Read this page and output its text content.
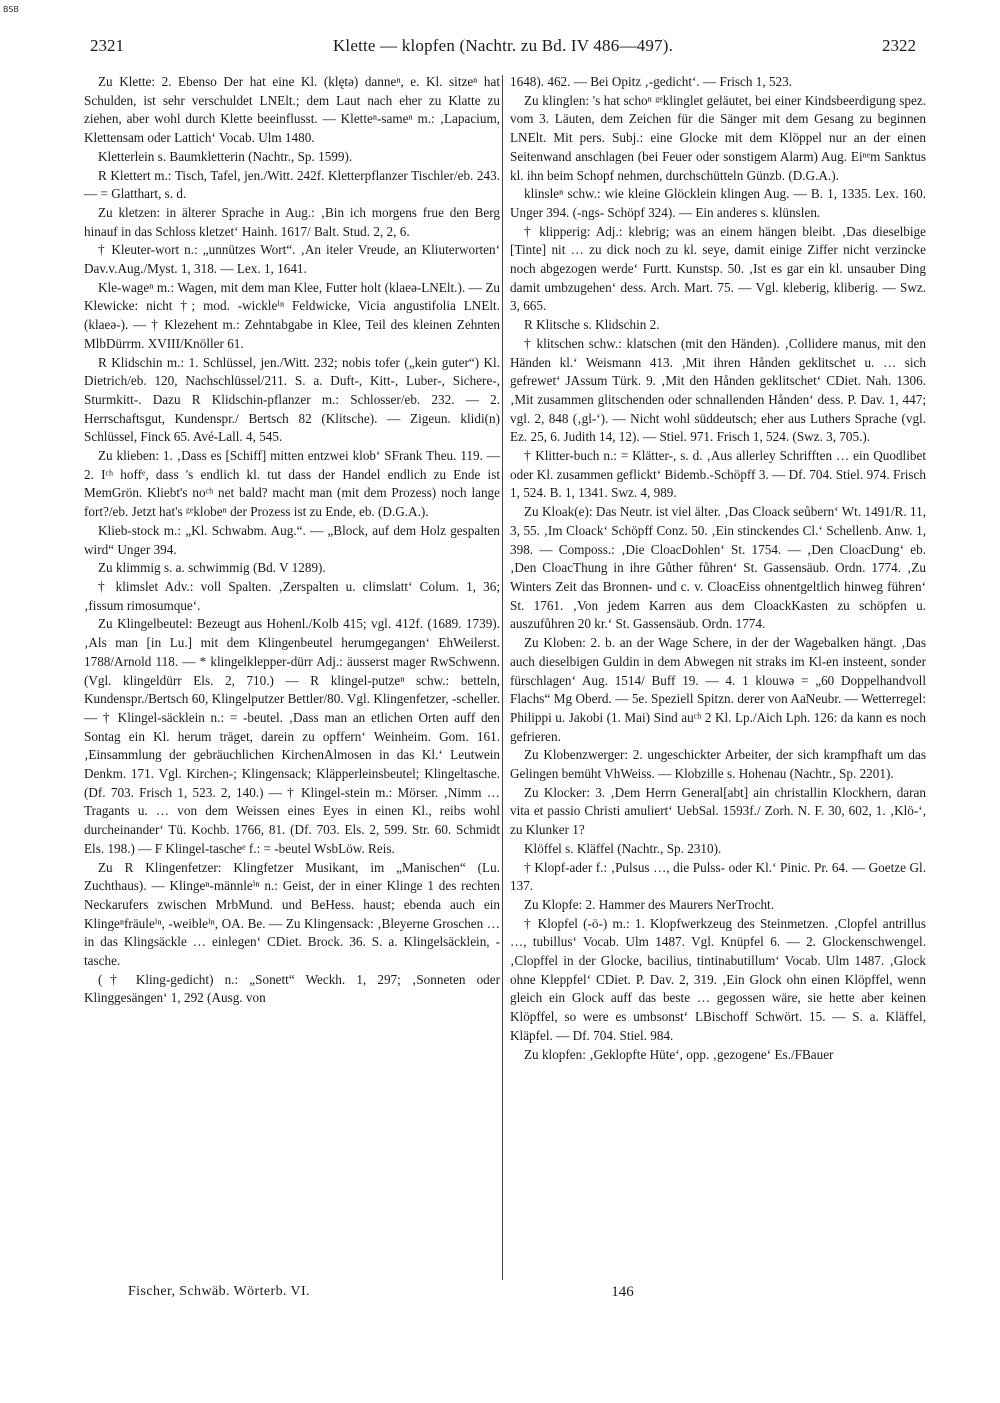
BSB
2321	Klette — klopfen (Nachtr. zu Bd. IV 486—497).	2322

Zu Klette: 2. Ebenso Der hat eine Kl. (klętə) danneⁿ, e. Kl. sitzeⁿ hat Schulden, ist sehr verschuldet LNElt.; dem Laut nach eher zu Klatte zu ziehen, aber wohl durch Klette beeinflusst. — Kletteⁿ-sameⁿ m.: ‚Lapacium, Klettensam oder Lattich‘ Vocab. Ulm 1480.

Kletterlein s. Baumkletterin (Nachtr., Sp. 1599).

R Klettert m.: Tisch, Tafel, jen./Witt. 242f. Kletterpflanzer Tischler/eb. 243. — = Glatthart, s. d.

Zu kletzen: in älterer Sprache in Aug.: ‚Bin ich morgens frue den Berg hinauf in das Schloss kletzet‘ Hainh. 1617/ Balt. Stud. 2, 2, 6.

† Kleuter-wort n.: „unnützes Wort“. ‚An iteler Vreude, an Kliuterworten‘ Dav.v.Aug./Myst. 1, 318. — Lex. 1, 1641.

Kle-wageⁿ m.: Wagen, mit dem man Klee, Futter holt (klaeə-LNElt.). — Zu Klewicke: nicht †; mod. -wickleⁱⁿ Feldwicke, Vicia angustifolia LNElt. (klaeə-). — † Klezehent m.: Zehntabgabe in Klee, Teil des kleinen Zehnten MlbDürrm. XVIII/Knöller 61.

R Klidschin m.: 1. Schlüssel, jen./Witt. 232; nobis tofer („kein guter“) Kl. Dietrich/eb. 120, Nachschlüssel/211. S. a. Duft-, Kitt-, Luber-, Sichere-, Sturmkitt-. Dazu R Klidschin-pflanzer m.: Schlosser/eb. 232. — 2. Herrschaftsgut, Kundenspr./ Bertsch 82 (Klitsche). — Zigeun. klidi(n) Schlüssel, Finck 65. Avé-Lall. 4, 545.

Zu klieben: 1. ‚Dass es [Schiff] mitten entzwei klob‘ SFrank Theu. 119. — 2. Iᶜʰ hoffᵉ, dass 's endlich kl. tut dass der Handel endlich zu Ende ist MemGrön. Kliebt's noᶜʰ net bald? macht man (mit dem Prozess) noch lange fort?/eb. Jetzt hat's ᵍᵉklobeⁿ der Prozess ist zu Ende, eb. (D.G.A.).

Klieb-stock m.: „Kl. Schwabm. Aug.“. — „Block, auf dem Holz gespalten wird“ Unger 394.

Zu klimmig s. a. schwimmig (Bd. V 1289).

† klimslet Adv.: voll Spalten. ‚Zerspalten u. climslatt‘ Colum. 1, 36; ‚fissum rimosumque‘.

Zu Klingelbeutel: Bezeugt aus Hohenl./Kolb 415; vgl. 412f. (1689. 1739). ‚Als man [in Lu.] mit dem Klingenbeutel herumgegangen‘ EhWeilerst. 1788/Arnold 118. — * klingelklepper-dürr Adj.: äusserst mager RwSchwenn. (Vgl. klingeldürr Els. 2, 710.) — R klingel-putzeⁿ schw.: betteln, Kundenspr./Bertsch 60, Klingelputzer Bettler/80. Vgl. Klingenfetzer, -scheller. — † Klingel-säcklein n.: = -beutel. ‚Dass man an etlichen Orten auff den Sontag ein Kl. herum träget, darein zu opffern‘ Weinheim. Gom. 161. ‚Einsammlung der gebräuchlichen KirchenAlmosen in das Kl.‘ Leutwein Denkm. 171. Vgl. Kirchen-; Klingensack; Kläpperleinsbeutel; Klingeltasche. (Df. 703. Frisch 1, 523. 2, 140.) — † Klingel-stein m.: Mörser. ‚Nimm … Tragants u. … von dem Weissen eines Eyes in einen Kl., reibs wohl durcheinander‘ Tü. Kochb. 1766, 81. (Df. 703. Els. 2, 599. Str. 60. Schmidt Els. 198.) — F Klingel-tascheᵉ f.: = -beutel WsbLöw. Reis.

Zu R Klingenfetzer: Klingfetzer Musikant, im „Manischen“ (Lu. Zuchthaus). — Klingeⁿ-männleⁱⁿ n.: Geist, der in einer Klinge 1 des rechten Neckarufers zwischen MrbMund. und BeHess. haust; ebenda auch ein Klingeⁿfräuleⁱⁿ, -weibleⁱⁿ, OA. Be. — Zu Klingensack: ‚Bleyerne Groschen … in das Klingsäckle … einlegen‘ CDiet. Brock. 36. S. a. Klingelsäcklein, -tasche.

(† Kling-gedicht) n.: „Sonett“ Weckh. 1, 297; ‚Sonneten oder Klinggesängen‘ 1, 292 (Ausg. von

1648). 462. — Bei Opitz ‚-gedicht‘. — Frisch 1, 523.

Zu klinglen: 's hat schoⁿ ᵍᵉklinglet geläutet, bei einer Kindsbeerdigung spez. vom 3. Läuten, dem Zeichen für die Sänger mit dem Gesang zu beginnen LNElt. Mit pers. Subj.: eine Glocke mit dem Klöppel nur an der einen Seitenwand anschlagen (bei Feuer oder sonstigem Alarm) Aug. Eiⁿᵉm Sanktus kl. ihn beim Schopf nehmen, durchschütteln Günzb. (D.G.A.).

klinsleⁿ schw.: wie kleine Glöcklein klingen Aug. — B. 1, 1335. Lex. 160. Unger 394. (-ngs- Schöpf 324). — Ein anderes s. klünslen.

† klipperig: Adj.: klebrig; was an einem hängen bleibt. ‚Das dieselbige [Tinte] nit … zu dick noch zu kl. seye, damit einige Ziffer nicht verzincke noch abgezogen werde‘ Furtt. Kunstsp. 50. ‚Ist es gar ein kl. unsauber Ding damit umbzugehen‘ dess. Arch. Mart. 75. — Vgl. kleberig, kliberig. — Swz. 3, 665.

R Klitsche s. Klidschin 2.

† klitschen schw.: klatschen (mit den Händen). ‚Collidere manus, mit den Händen kl.‘ Weismann 413. ‚Mit ihren Hånden geklitschet u. … sich gefrewet‘ JAssum Türk. 9. ‚Mit den Hånden geklitschet‘ CDiet. Nah. 1306. ‚Mit zusammen glitschenden oder schnallenden Hånden‘ dess. P. Dav. 1, 447; vgl. 2, 848 (‚gl-‘). — Nicht wohl süddeutsch; eher aus Luthers Sprache (vgl. Ez. 25, 6. Judith 14, 12). — Stiel. 971. Frisch 1, 524. (Swz. 3, 705.).

† Klitter-buch n.: = Klätter-, s. d. ‚Aus allerley Schrifften … ein Quodlibet oder Kl. zusammen geflickt‘ Bidemb.-Schöpff 3. — Df. 704. Stiel. 974. Frisch 1, 524. B. 1, 1341. Swz. 4, 989.

Zu Kloak(e): Das Neutr. ist viel älter. ‚Das Cloack seůbern‘ Wt. 1491/R. 11, 3, 55. ‚Im Cloack‘ Schöpff Conz. 50. ‚Ein stinckendes Cl.‘ Schellenb. Anw. 1, 398. — Composs.: ‚Die CloacDohlen‘ St. 1754. — ‚Den CloacDung‘ eb. ‚Den CloacThung in ihre Gůther fůhren‘ St. Gassensäub. Ordn. 1774. ‚Zu Winters Zeit das Bronnen- und c. v. CloacEiss ohnentgeltlich hinweg führen‘ St. 1761. ‚Von jedem Karren aus dem CloackKasten zu schöpfen u. auszufůhren 20 kr.‘ St. Gassensäub. Ordn. 1774.

Zu Kloben: 2. b. an der Wage Schere, in der der Wagebalken hängt. ‚Das auch dieselbigen Guldin in dem Abwegen nit straks im Kl-en insteent, sonder fürschlagen‘ Aug. 1514/ Buff 19. — 4. 1 klouwə = „60 Doppelhandvoll Flachs“ Mg Oberd. — 5e. Speziell Spitzn. derer von AaNeubr. — Wetterregel: Philippi u. Jakobi (1. Mai) Sind auᶜʰ 2 Kl. Lp./Aich Lph. 126: da kann es noch gefrieren.

Zu Klobenzwerger: 2. ungeschickter Arbeiter, der sich krampfhaft um das Gelingen bemüht VhWeiss. — Klobzille s. Hohenau (Nachtr., Sp. 2201).

Zu Klocker: 3. ‚Dem Herrn General[abt] ain christallin Klockhern, daran vita et passio Christi amuliert‘ UebSal. 1593f./ Zorh. N. F. 30, 602, 1. ‚Klö-‘, zu Klunker 1?

Klöffel s. Kläffel (Nachtr., Sp. 2310).

† Klopf-ader f.: ‚Pulsus …, die Pulss- oder Kl.‘ Pinic. Pr. 64. — Goetze Gl. 137.

Zu Klopfe: 2. Hammer des Maurers NerTrocht.

† Klopfel (-ö-) m.: 1. Klopfwerkzeug des Steinmetzen. ‚Clopfel antrillus …, tubillus‘ Vocab. Ulm 1487. Vgl. Knüpfel 6. — 2. Glockenschwengel. ‚Clopffel in der Glocke, bacilius, tintinabutillum‘ Vocab. Ulm 1487. ‚Glock ohne Kleppfel‘ CDiet. P. Dav. 2, 319. ‚Ein Glock ohn einen Klöpffel, wenn gleich ein Glock auff das beste … gegossen wäre, sie hette aber keinen Klöpffel, so were es umbsonst‘ LBischoff Schwört. 15. — S. a. Kläffel, Kläpfel. — Df. 704. Stiel. 984.

Zu klopfen: ‚Geklopfte Hüte‘, opp. ‚gezogene‘ Es./FBauer

Fischer, Schwäb. Wörterb. VI.	146
